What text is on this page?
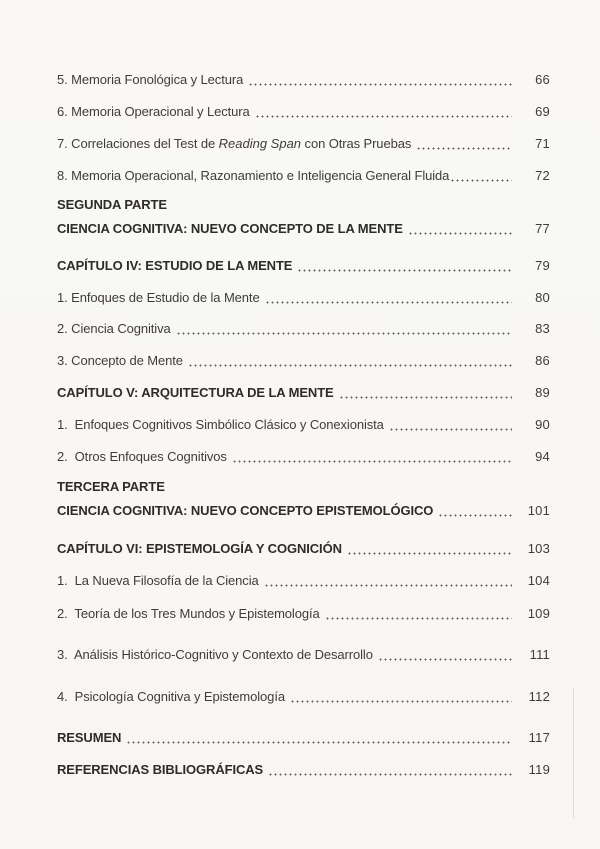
5. Memoria Fonológica y Lectura	66
6. Memoria Operacional y Lectura	69
7. Correlaciones del Test de Reading Span con Otras Pruebas	71
8. Memoria Operacional, Razonamiento e Inteligencia General Fluida	72
SEGUNDA PARTE
CIENCIA COGNITIVA: NUEVO CONCEPTO DE LA MENTE	77
CAPÍTULO IV: ESTUDIO DE LA MENTE	79
1. Enfoques de Estudio de la Mente	80
2. Ciencia Cognitiva	83
3. Concepto de Mente	86
CAPÍTULO V: ARQUITECTURA DE LA MENTE	89
1.  Enfoques Cognitivos Simbólico Clásico y Conexionista	90
2.  Otros Enfoques Cognitivos	94
TERCERA PARTE
CIENCIA COGNITIVA: NUEVO CONCEPTO EPISTEMOLÓGICO	101
CAPÍTULO VI: EPISTEMOLOGÍA Y COGNICIÓN	103
1.  La Nueva Filosofía de la Ciencia	104
2.  Teoría de los Tres Mundos y Epistemología	109
3.  Análisis Histórico-Cognitivo y Contexto de Desarrollo	111
4.  Psicología Cognitiva y Epistemología	112
RESUMEN	117
REFERENCIAS BIBLIOGRÁFICAS	119
